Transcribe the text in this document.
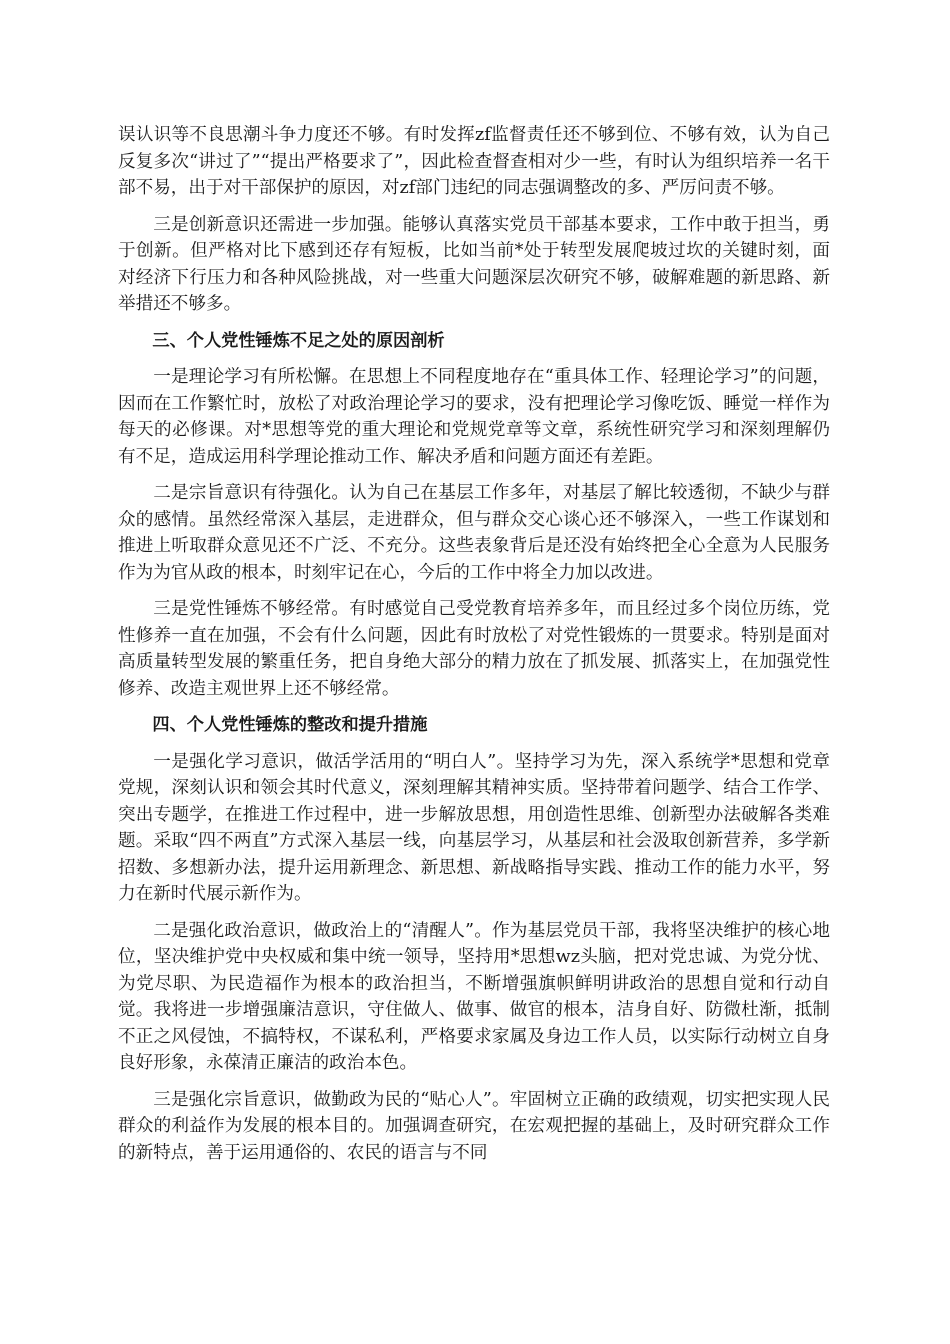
误认识等不良思潮斗争力度还不够。有时发挥zf监督责任还不够到位、不够有效，认为自己反复多次“讲过了”“提出严格要求了”，因此检查督查相对少一些，有时认为组织培养一名干部不易，出于对干部保护的原因，对zf部门违纪的同志强调整改的多、严厉问责不够。

三是创新意识还需进一步加强。能够认真落实党员干部基本要求，工作中敢于担当，勇于创新。但严格对比下感到还存有短板，比如当前*处于转型发展爬坡过坎的关键时刻，面对经济下行压力和各种风险挑战，对一些重大问题深层次研究不够，破解难题的新思路、新举措还不够多。

三、个人党性锤炼不足之处的原因剖析

一是理论学习有所松懈。在思想上不同程度地存在“重具体工作、轻理论学习”的问题，因而在工作繁忙时，放松了对政治理论学习的要求，没有把理论学习像吃饭、睡觉一样作为每天的必修课。对*思想等党的重大理论和党规党章等文章，系统性研究学习和深刻理解仍有不足，造成运用科学理论推动工作、解决矛盾和问题方面还有差距。

二是宗旨意识有待强化。认为自己在基层工作多年，对基层了解比较透彻，不缺少与群众的感情。虽然经常深入基层，走进群众，但与群众交心谈心还不够深入，一些工作谋划和推进上听取群众意见还不广泛、不充分。这些表象背后是还没有始终把全心全意为人民服务作为为官从政的根本，时刻牢记在心，今后的工作中将全力加以改进。

三是党性锤炼不够经常。有时感觉自己受党教育培养多年，而且经过多个岗位历练，党性修养一直在加强，不会有什么问题，因此有时放松了对党性锻炼的一贯要求。特别是面对高质量转型发展的繁重任务，把自身绝大部分的精力放在了抓发展、抓落实上，在加强党性修养、改造主观世界上还不够经常。

四、个人党性锤炼的整改和提升措施

一是强化学习意识，做活学活用的“明白人”。坚持学习为先，深入系统学*思想和党章党规，深刻认识和领会其时代意义，深刻理解其精神实质。坚持带着问题学、结合工作学、突出专题学，在推进工作过程中，进一步解放思想，用创造性思维、创新型办法破解各类难题。采取“四不两直”方式深入基层一线，向基层学习，从基层和社会汲取创新营养，多学新招数、多想新办法，提升运用新理念、新思想、新战略指导实践、推动工作的能力水平，努力在新时代展示新作为。

二是强化政治意识，做政治上的“清醒人”。作为基层党员干部，我将坚决维护的核心地位，坚决维护党中央权威和集中统一领导，坚持用*思想wz头脑，把对党忠诚、为党分忧、为党尽职、为民造福作为根本的政治担当，不断增强旗帜鲜明讲政治的思想自觉和行动自觉。我将进一步增强廉洁意识，守住做人、做事、做官的根本，洁身自好、防微杜渐，抵制不正之风侵蚀，不搞特权，不谋私利，严格要求家属及身边工作人员，以实际行动树立自身良好形象，永葆清正廉洁的政治本色。

三是强化宗旨意识，做勤政为民的“贴心人”。牢固树立正确的政绩观，切实把实现人民群众的利益作为发展的根本目的。加强调查研究，在宏观把握的基础上，及时研究群众工作的新特点，善于运用通俗的、农民的语言与不同
